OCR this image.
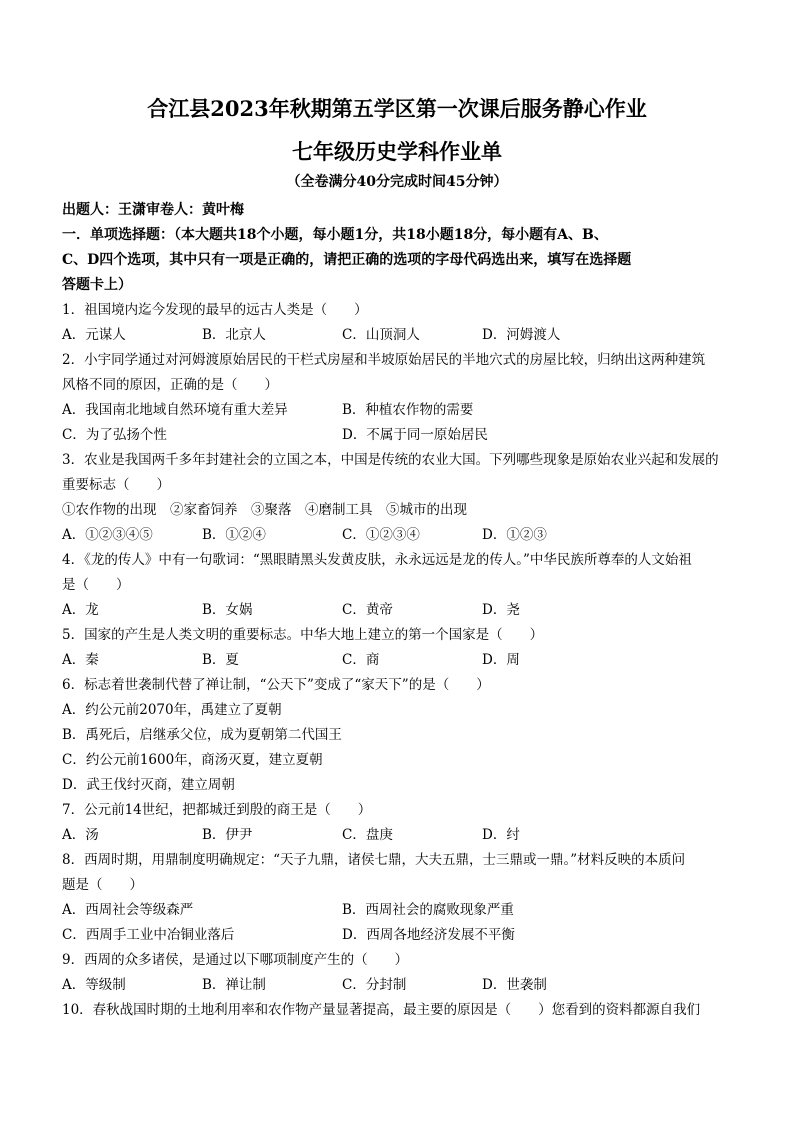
合江县2023年秋期第五学区第一次课后服务静心作业
七年级历史学科作业单
（全卷满分40分完成时间45分钟）
出题人：王潇审卷人：黄叶梅
一．单项选择题：（本大题共18个小题，每小题1分，共18小题18分，每小题有A、B、
C、D四个选项，其中只有一项是正确的，请把正确的选项的字母代码选出来，填写在选择题
答题卡上）
1．祖国境内迄今发现的最早的远古人类是（　　）
A．元谋人	B．北京人	C．山顶洞人	D．河姆渡人
2．小宇同学通过对河姆渡原始居民的干栏式房屋和半坡原始居民的半地穴式的房屋比较，归纳出这两种建筑
风格不同的原因，正确的是（　　）
A．我国南北地域自然环境有重大差异	B．种植农作物的需要
C．为了弘扬个性	D．不属于同一原始居民
3．农业是我国两千多年封建社会的立国之本，中国是传统的农业大国。下列哪些现象是原始农业兴起和发展的
重要标志（　　）
①农作物的出现　②家畜饲养　③聚落　④磨制工具　⑤城市的出现
A．①②③④⑤	B．①②④	C．①②③④	D．①②③
4．《龙的传人》中有一句歌词：“黑眼睛黑头发黄皮肤，永永远远是龙的传人。”中华民族所尊奉的人文始祖
是（　　）
A．龙	B．女娲	C．黄帝	D．尧
5．国家的产生是人类文明的重要标志。中华大地上建立的第一个国家是（　　）
A．秦	B．夏	C．商	D．周
6．标志着世袭制代替了禅让制，“公天下”变成了“家天下”的是（　　）
A．约公元前2070年，禹建立了夏朝
B．禹死后，启继承父位，成为夏朝第二代国王
C．约公元前1600年，商汤灭夏，建立夏朝
D．武王伐纣灭商，建立周朝
7．公元前14世纪，把都城迁到殷的商王是（　　）
A．汤	B．伊尹	C．盘庚	D．纣
8．西周时期，用鼎制度明确规定：“天子九鼎，诸侯七鼎，大夫五鼎，士三鼎或一鼎。”材料反映的本质问
题是（　　）
A．西周社会等级森严	B．西周社会的腐败现象严重
C．西周手工业中冶铜业落后	D．西周各地经济发展不平衡
9．西周的众多诸侯，是通过以下哪项制度产生的（　　）
A．等级制	B．禅让制	C．分封制	D．世袭制
10．春秋战国时期的土地利用率和农作物产量显著提高，最主要的原因是（　　）您看到的资料都源自我们
